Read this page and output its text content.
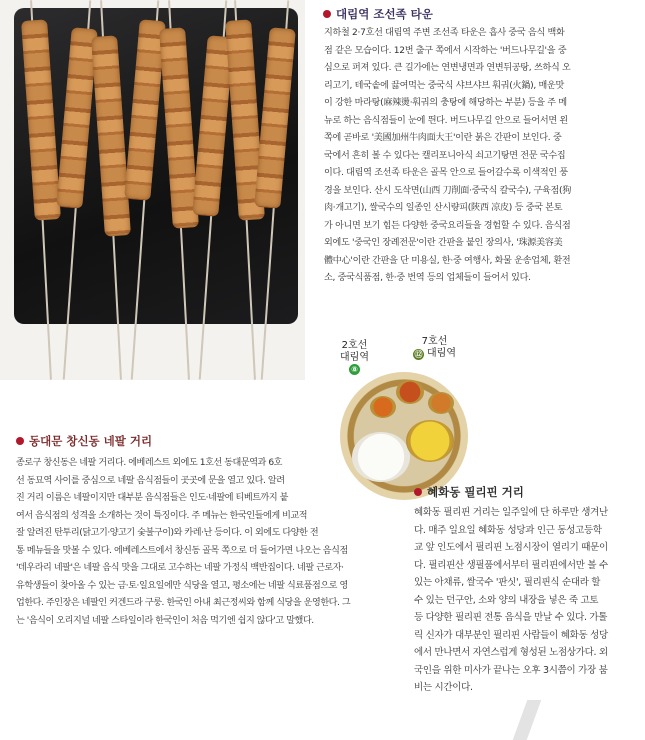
대림역 조선족 타운
지하철 2·7호선 대림역 주변 조선족 타운은 흡사 중국 음식 백화
점 같은 모습이다. 12번 출구 쪽에서 시작하는 '버드나무길'을 중
심으로 퍼져 있다. 큰 길가에는 연변냉면과 연변뒤공탕, 쓰하식 오
리고기, 테국솥에 끓여먹는 중국식 샤브샤브 훠궈(火鍋), 매운맛
이 강한 마라탕(麻辣燙·훠궈의 충탕에 해당하는 부분) 등을 주 메
뉴로 하는 음식점들이 눈에 띈다. 버드나무길 안으로 들어서면 왼
쪽에 곧바로 '美國加州牛肉面大王'이란 붉은 간판이 보인다. 중
국에서 흔히 볼 수 있다는 캘리포니아식 쇠고기탕면 전문 국수집
이다. 대림역 조선족 타운은 골목 안으로 들어갈수록 이색적인 풍
경을 보인다. 산시 도삭면(山西 刀削面·중국식 칼국수), 구육점(狗
肉·개고기), 쌀국수의 일종인 산시량피(陝西 凉皮) 등 중국 본토
가 아니면 보기 힘든 다양한 중국요리들을 경험할 수 있다. 음식점
외에도 '중국인 장례전문'이란 간판을 붙인 장의사, '珠源美容美
體中心'이란 간판을 단 미용실, 한·중 여행사, 화물 운송업체, 환전
소, 중국식품점, 한·중 번역 등의 업체들이 들어서 있다.
2호선
대림역
⑧
7호선
⑫ 대림역
동대문 창신동 네팔 거리
종로구 창신동은 네팔 거리다. 에베레스트 외에도 1호선 동대문역과 6호
선 동묘역 사이를 중심으로 네팔 음식점들이 곳곳에 문을 열고 있다. 알려
진 거리 이름은 네팔이지만 대부분 음식점들은 인도·네팔에 티베트까지 붙
여서 음식점의 성격을 소개하는 것이 특징이다. 주 메뉴는 한국인들에게 비교적
잘 알려진 탄투리(닭고기·양고기 숯불구이)와 카레·난 등이다. 이 외에도 다양한 전
통 메뉴들을 맛볼 수 있다. 에베레스트에서 창신동 골목 쪽으로 더 들어가면 나오는 음식점
'데우라리 네팔'은 네팔 음식 맛을 그대로 고수하는 네팔 가정식 백반집이다. 네팔 근로자·
유학생들이 찾아올 수 있는 금·토·일요일에만 식당을 열고, 평소에는 네팔 식료품점으로 영
업한다. 주인장은 네팔인 커겐드라 구룽. 한국인 아내 최근정씨와 함께 식당을 운영한다. 그
는 '음식이 오리지널 네팔 스타일이라 한국인이 처음 먹기엔 쉽지 않다'고 말했다.
혜화동 필리핀 거리
혜화동 필리핀 거리는 일주일에 단 하루만 생겨난
다. 매주 일요일 혜화동 성당과 인근 동성고등학
교 앞 인도에서 필리핀 노점시장이 열리기 때문이
다. 필리핀산 생필품에서부터 필리핀에서만 볼 수
있는 아채류, 쌀국수 '판싯', 필리핀식 순대라 할
수 있는 던구안, 소와 양의 내장을 넣은 죽 고토
등 다양한 필리핀 전통 음식을 만날 수 있다. 가톨
릭 신자가 대부분인 필리핀 사람들이 혜화동 성당
에서 만나면서 자연스럽게 형성된 노점상가다. 외
국인을 위한 미사가 끝나는 오후 3시쯤이 가장 붐
비는 시간이다.
